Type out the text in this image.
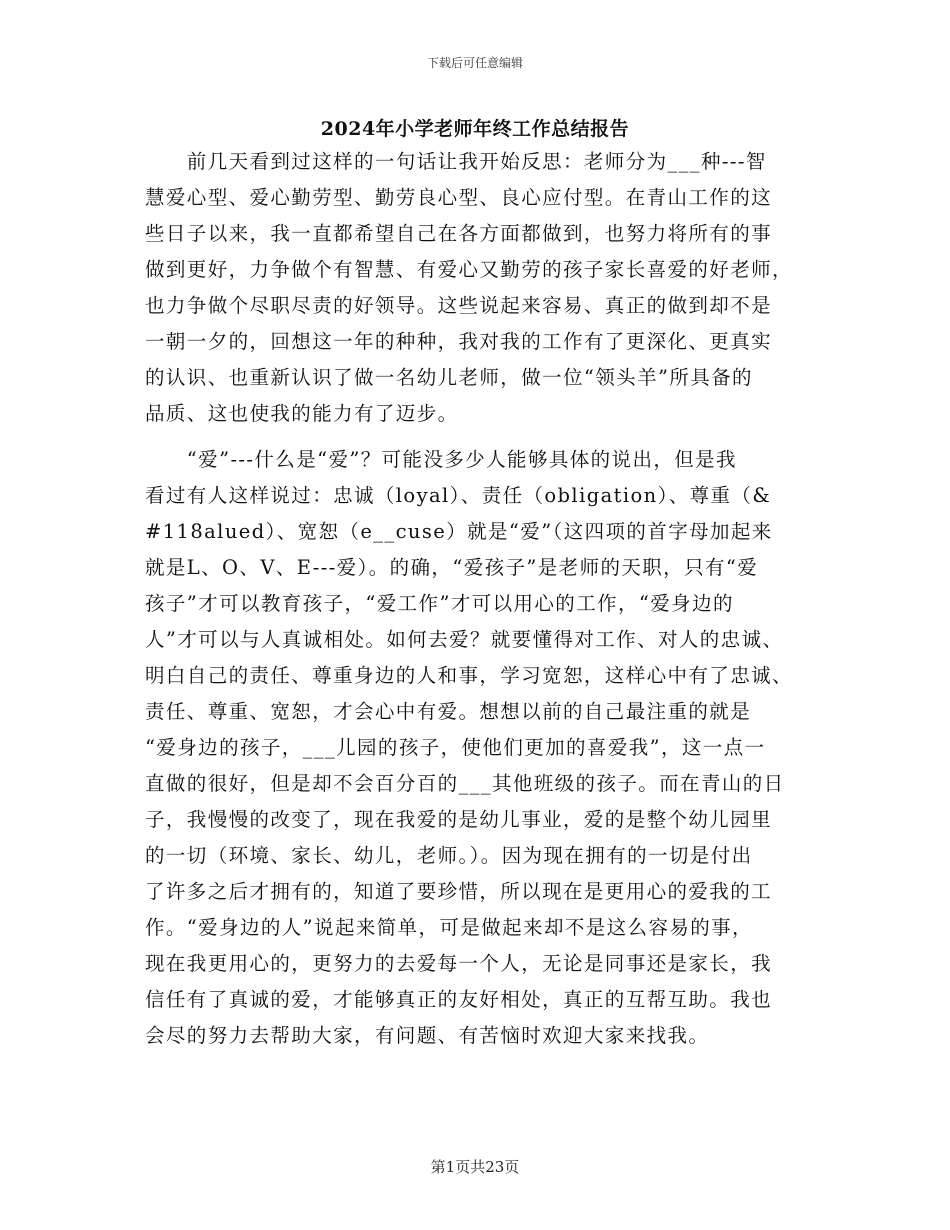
下载后可任意编辑
2024年小学老师年终工作总结报告
　　前几天看到过这样的一句话让我开始反思：老师分为___种---智
慧爱心型、爱心勤劳型、勤劳良心型、良心应付型。在青山工作的这
些日子以来，我一直都希望自己在各方面都做到，也努力将所有的事
做到更好，力争做个有智慧、有爱心又勤劳的孩子家长喜爱的好老师，
也力争做个尽职尽责的好领导。这些说起来容易、真正的做到却不是
一朝一夕的，回想这一年的种种，我对我的工作有了更深化、更真实
的认识、也重新认识了做一名幼儿老师，做一位“领头羊”所具备的
品质、这也使我的能力有了迈步。
　　“爱”---什么是“爱”？可能没多少人能够具体的说出，但是我
看过有人这样说过：忠诚（loyal）、责任（obligation）、尊重（&
#118alued）、宽恕（e__cuse）就是“爱”（这四项的首字母加起来
就是L、O、V、E---爱）。的确，“爱孩子”是老师的天职，只有“爱
孩子”才可以教育孩子，“爱工作”才可以用心的工作，“爱身边的
人”才可以与人真诚相处。如何去爱？就要懂得对工作、对人的忠诚、
明白自己的责任、尊重身边的人和事，学习宽恕，这样心中有了忠诚、
责任、尊重、宽恕，才会心中有爱。想想以前的自己最注重的就是
“爱身边的孩子，___儿园的孩子，使他们更加的喜爱我”，这一点一
直做的很好，但是却不会百分百的___其他班级的孩子。而在青山的日
子，我慢慢的改变了，现在我爱的是幼儿事业，爱的是整个幼儿园里
的一切（环境、家长、幼儿，老师。）。因为现在拥有的一切是付出
了许多之后才拥有的，知道了要珍惜，所以现在是更用心的爱我的工
作。“爱身边的人”说起来简单，可是做起来却不是这么容易的事，
现在我更用心的，更努力的去爱每一个人，无论是同事还是家长，我
信任有了真诚的爱，才能够真正的友好相处，真正的互帮互助。我也
会尽的努力去帮助大家，有问题、有苦恼时欢迎大家来找我。
第1页共23页
